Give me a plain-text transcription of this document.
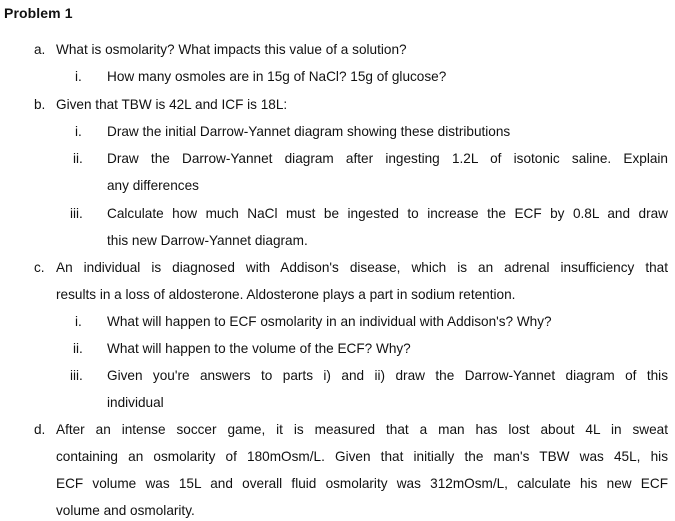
Problem 1
a. What is osmolarity? What impacts this value of a solution?
i. How many osmoles are in 15g of NaCl? 15g of glucose?
b. Given that TBW is 42L and ICF is 18L:
i. Draw the initial Darrow-Yannet diagram showing these distributions
ii. Draw the Darrow-Yannet diagram after ingesting 1.2L of isotonic saline. Explain
any differences
iii. Calculate how much NaCl must be ingested to increase the ECF by 0.8L and draw
this new Darrow-Yannet diagram.
c. An individual is diagnosed with Addison's disease, which is an adrenal insufficiency that
results in a loss of aldosterone. Aldosterone plays a part in sodium retention.
i. What will happen to ECF osmolarity in an individual with Addison's? Why?
ii. What will happen to the volume of the ECF? Why?
iii. Given you're answers to parts i) and ii) draw the Darrow-Yannet diagram of this
individual
d. After an intense soccer game, it is measured that a man has lost about 4L in sweat
containing an osmolarity of 180mOsm/L. Given that initially the man's TBW was 45L, his
ECF volume was 15L and overall fluid osmolarity was 312mOsm/L, calculate his new ECF
volume and osmolarity.
